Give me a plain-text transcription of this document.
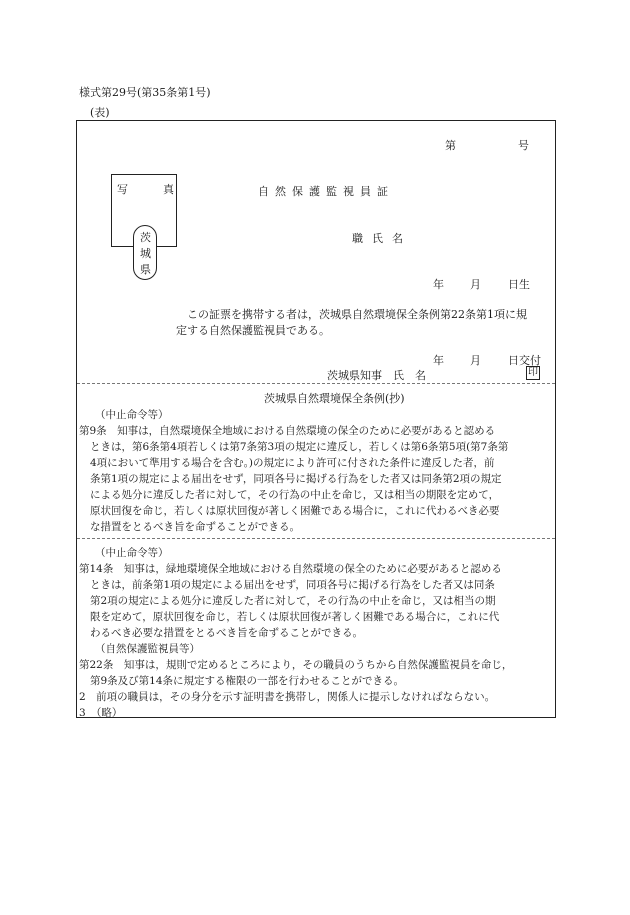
様式第29号(第35条第1号)
(表)
第	号
写	真
茨
城
県
自然保護監視員証
職氏名
年 月 日生
この証票を携帯する者は，茨城県自然環境保全条例第22条第1項に規
定する自然保護監視員である。
年 月 日交付
茨城県知事　氏　名	印
茨城県自然環境保全条例(抄)
（中止命令等）
第9条　知事は，自然環境保全地域における自然環境の保全のために必要があると認める
ときは，第6条第4項若しくは第7条第3項の規定に違反し，若しくは第6条第5項(第7条第
4項において準用する場合を含む。)の規定により許可に付された条件に違反した者，前
条第1項の規定による届出をせず，同項各号に掲げる行為をした者又は同条第2項の規定
による処分に違反した者に対して，その行為の中止を命じ，又は相当の期限を定めて，
原状回復を命じ，若しくは原状回復が著しく困難である場合に，これに代わるべき必要
な措置をとるべき旨を命ずることができる。
（中止命令等）
第14条　知事は，緑地環境保全地域における自然環境の保全のために必要があると認める
ときは，前条第1項の規定による届出をせず，同項各号に掲げる行為をした者又は同条
第2項の規定による処分に違反した者に対して，その行為の中止を命じ，又は相当の期
限を定めて，原状回復を命じ，若しくは原状回復が著しく困難である場合に，これに代
わるべき必要な措置をとるべき旨を命ずることができる。
（自然保護監視員等）
第22条　知事は，規則で定めるところにより，その職員のうちから自然保護監視員を命じ，
第9条及び第14条に規定する権限の一部を行わせることができる。
2　前項の職員は，その身分を示す証明書を携帯し，関係人に提示しなければならない。
3　（略）
